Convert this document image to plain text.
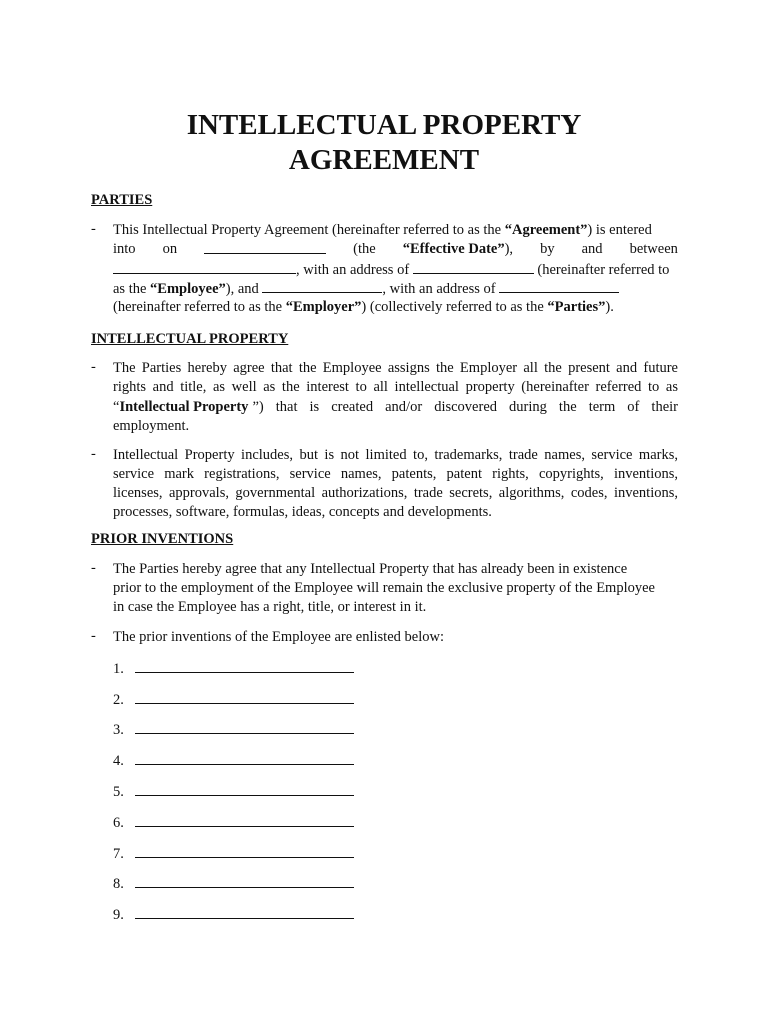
INTELLECTUAL PROPERTY
AGREEMENT
PARTIES
- This Intellectual Property Agreement (hereinafter referred to as the “Agreement”) is entered
into on	(the “Effective Date”), by and between
, with an address of	(hereinafter referred to
as the “Employee”), and	, with an address of
(hereinafter referred to as the “Employer”) (collectively referred to as the “Parties”).
INTELLECTUAL PROPERTY
- The Parties hereby agree that the Employee assigns the Employer all the present and future
rights and title, as well as the interest to all intellectual property (hereinafter referred to as
“Intellectual Property ”) that is created and/or discovered during the term of their
employment.
- Intellectual Property includes, but is not limited to, trademarks, trade names, service marks,
service mark registrations, service names, patents, patent rights, copyrights, inventions,
licenses, approvals, governmental authorizations, trade secrets, algorithms, codes, inventions,
processes, software, formulas, ideas, concepts and developments.
PRIOR INVENTIONS
- The Parties hereby agree that any Intellectual Property that has already been in existence
prior to the employment of the Employee will remain the exclusive property of the Employee
in case the Employee has a right, title, or interest in it.
- The prior inventions of the Employee are enlisted below:
1.
2.
3.
4.
5.
6.
7.
8.
9.
